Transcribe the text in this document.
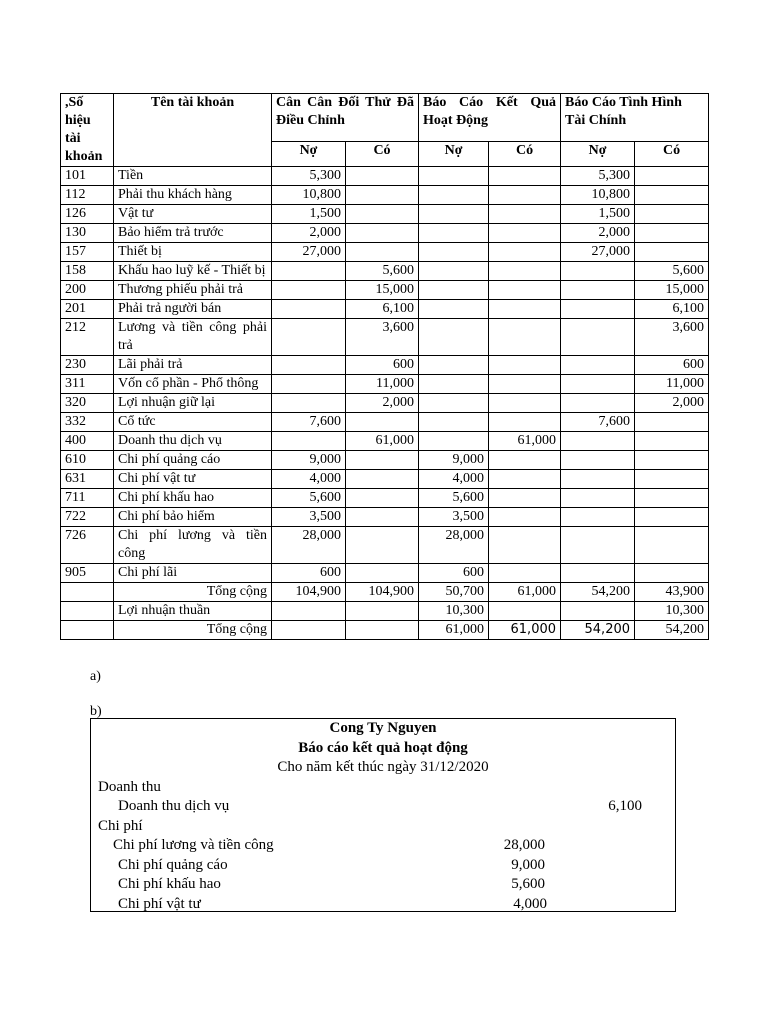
,Số hiệu tài khoản	Tên tài khoản	Cân Cân Đối Thử Đã Điều Chỉnh		Báo Cáo Kết Quả Hoạt Động		Báo Cáo Tình Hình Tài Chính	
		Nợ	Có	Nợ	Có	Nợ	Có
101	Tiền	5,300				5,300	
112	Phải thu khách hàng	10,800				10,800	
126	Vật tư	1,500				1,500	
130	Bảo hiểm trả trước	2,000				2,000	
157	Thiết bị	27,000				27,000	
158	Khấu hao luỹ kế - Thiết bị		5,600				5,600
200	Thương phiếu phải trả		15,000				15,000
201	Phải trả người bán		6,100				6,100
212	Lương và tiền công phải trả		3,600				3,600
230	Lãi phải trả		600				600
311	Vốn cổ phần - Phổ thông		11,000				11,000
320	Lợi nhuận giữ lại		2,000				2,000
332	Cổ tức	7,600				7,600	
400	Doanh thu dịch vụ		61,000		61,000		
610	Chi phí quảng cáo	9,000		9,000			
631	Chi phí vật tư	4,000		4,000			
711	Chi phí khấu hao	5,600		5,600			
722	Chi phí bảo hiểm	3,500		3,500			
726	Chi phí lương và tiền công	28,000		28,000			
905	Chi phí lãi	600		600			
	Tổng cộng	104,900	104,900	50,700	61,000	54,200	43,900
	Lợi nhuận thuần			10,300			10,300
	Tổng cộng			61,000	61,000	54,200	54,200
a)
b)
Cong Ty Nguyen
Báo cáo kết quả hoạt động
Cho năm kết thúc ngày 31/12/2020
Doanh thu
Doanh thu dịch vụ	6,100
Chi phí
Chi phí lương và tiền công	28,000
Chi phí quảng cáo	9,000
Chi phí khấu hao	5,600
Chi phí vật tư	4,000
